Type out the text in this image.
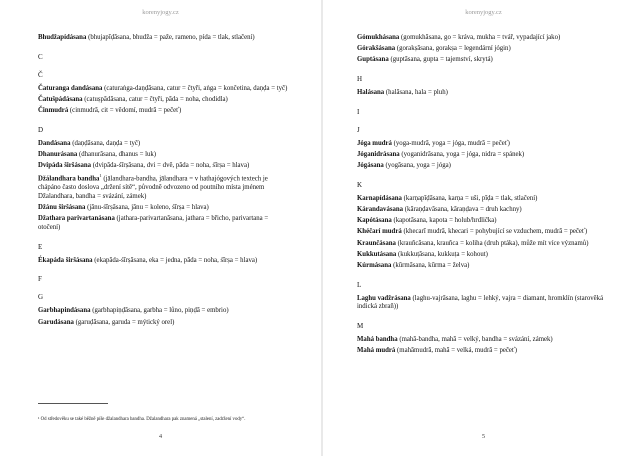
korenyjogy.cz
Bhudžapídásana (bhujapīḍāsana, bhudža = paže, rameno, pída = tlak, stlačení)
C
Č
Čaturanga dandásana (caturaṅga-daṇḍāsana, catur = čtyři, aṅga = končetina, daṇḍa = tyč)
Čatušpádásana (catuṣpādāsana, catur = čtyři, pāda = noha, chodidla)
Činmudrá (cinmudrā, cit = vědomí, mudrā = pečeť)
D
Dandásana (daṇḍāsana, daṇḍa = tyč)
Dhanurásana (dhanurāsana, dhanus = luk)
Dvipáda širšásana (dvipāda-śīrṣāsana, dvi = dvě, pāda = noha, śīrṣa = hlava)
Džálandhara bandha$^1$ (jālandhara-bandha, jālandhara = v hathajógových textech je chápáno často doslova „držení sítě“, původně odvozeno od poutního místa jménem Džalandhara, bandha = svázání, zámek)
Džánu širšásana (jānu-śīrṣāsana, jānu = koleno, śīrṣa = hlava)
Džathara parivartanásana (jathara-parivartanāsana, jathara = břicho, parivartana = otočení)
E
Ékapáda širšásana (ekapāda-śīrṣāsana, eka = jedna, pāda = noha, śīrṣa = hlava)
F
G
Garbhapindásana (garbhapiṇḍāsana, garbha = lůno, piṇḍā = embrio)
Garudásana (garuḍāsana, garuda = mýtický orel)
¹ Od středověku se také běžně píše džalandhara bandha. Džalandhara pak znamená „stalení, zadržení vody“.
4
korenyjogy.cz
Gómukhásana (gomukhāsana, go = kráva, mukha = tvář, vypadající jako)
Górakšásana (gorakṣāsana, gorakṣa = legendární jógin)
Guptásana (guptāsana, gupta = tajemství, skrytá)
H
Halásana (halāsana, hala = pluh)
I
J
Jóga mudrá (yoga-mudrā, yoga = jóga, mudrā = pečeť)
Jóganidrásana (yoganidrāsana, yoga = jóga, nidra = spánek)
Jógásana (yogāsana, yoga = jóga)
K
Karnapídásana (karṇapīḍāsana, karṇa = uši, pīḍa = tlak, stlačení)
Kárandavásana (kāraṇḍavāsana, kāraṇḍava = druh kachny)
Kapótásana (kapotāsana, kapota = holub/hrdlička)
Khéčarí mudrá (khecarī mudrā, khecari = pohybující se vzduchem, mudrā = pečeť)
Kraunčásana (krauñcāsana, krauñca = koliha (druh ptáka), může mít více významů)
Kukkutásana (kukkuṭāsana, kukkuṭa = kohout)
Kúrmásana (kūrmāsana, kūrma = želva)
L
Laghu vadžrásana (laghu-vajrāsana, laghu = lehký, vajra = diamant, hromklín (starověká indická zbraň))
M
Mahá bandha (mahā-bandha, mahā = velký, bandha = svázání, zámek)
Mahá mudrá (mahāmudrā, mahā = velká, mudrā = pečeť)
5
